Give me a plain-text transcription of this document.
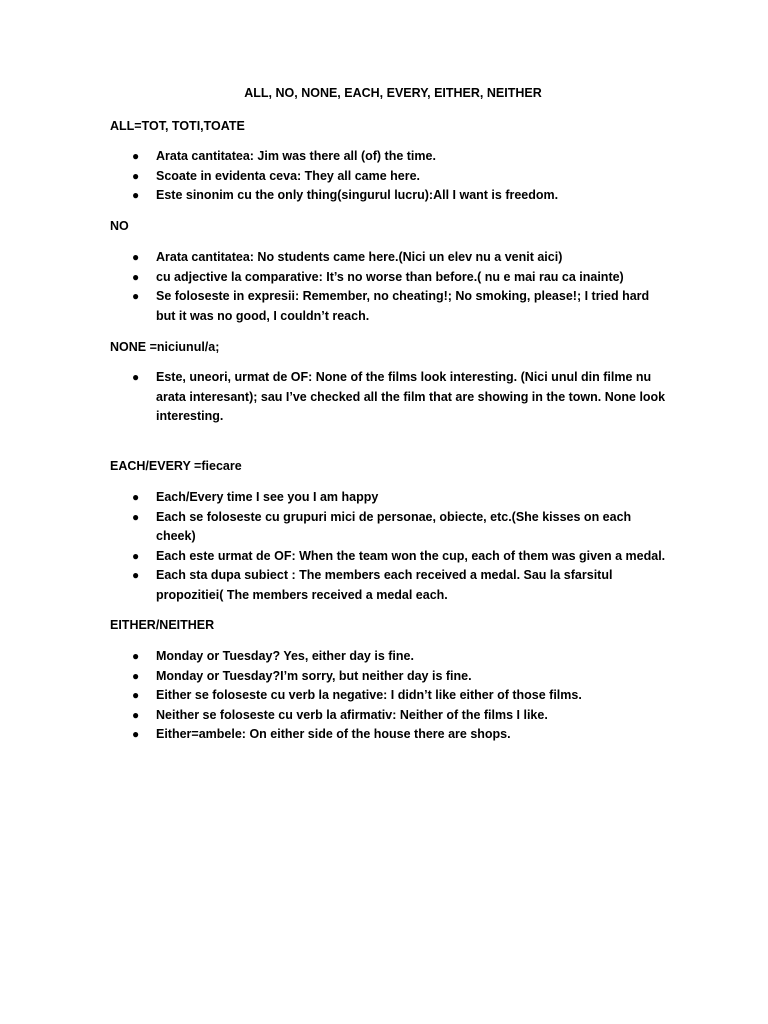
ALL, NO, NONE, EACH, EVERY, EITHER, NEITHER
ALL=TOT, TOTI,TOATE
● Arata cantitatea: Jim was there all (of) the time.
● Scoate in evidenta ceva: They all came here.
● Este sinonim cu the only thing(singurul lucru):All I want is freedom.
NO
● Arata cantitatea: No students came here.(Nici un elev nu a venit aici)
● cu adjective la comparative: It’s no worse than before.( nu e mai rau ca inainte)
● Se foloseste in expresii: Remember, no cheating!; No smoking, please!; I tried hard but it was no good, I couldn’t reach.
NONE =niciunul/a;
● Este, uneori, urmat de OF: None of the films look interesting. (Nici unul din filme nu arata interesant); sau I’ve checked all the film that are showing in the town. None look interesting.
EACH/EVERY =fiecare
● Each/Every time I see you I am happy
● Each se foloseste cu grupuri mici de personae, obiecte, etc.(She kisses on each cheek)
● Each este urmat de OF: When the team won the cup, each of them was given a medal.
● Each sta dupa subiect : The members each received a medal. Sau la sfarsitul propozitiei( The members received a medal each.
EITHER/NEITHER
● Monday or Tuesday? Yes, either day is fine.
● Monday or Tuesday?I’m sorry, but neither day is fine.
● Either se foloseste cu verb la negative: I didn’t like either of those films.
● Neither se foloseste cu verb la afirmativ: Neither of the films I like.
● Either=ambele: On either side of the house there are shops.
